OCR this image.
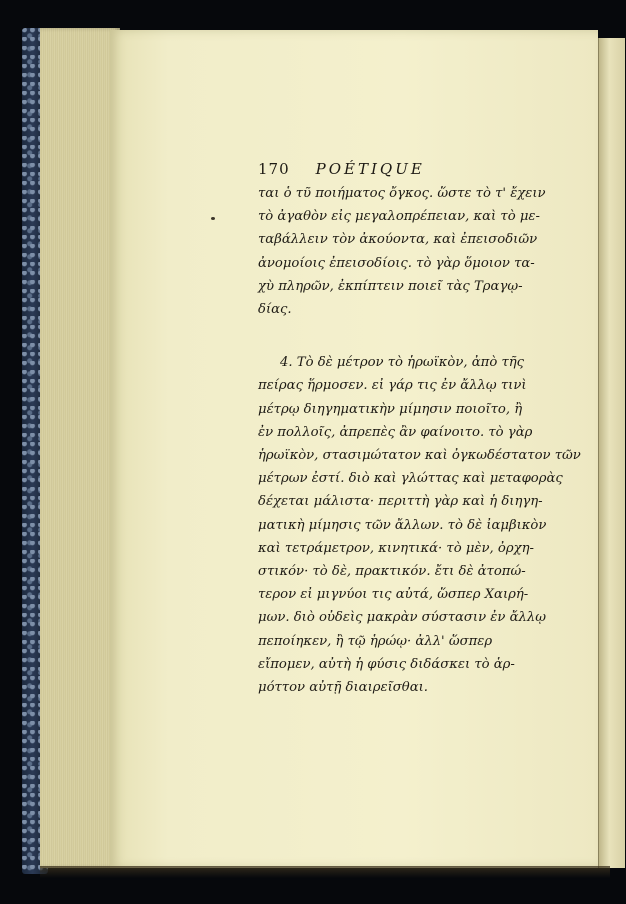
170 POÉTIQUE

ται ὁ τῦ ποιήματος ὄγκος. ὥστε τὸ τ' ἔχειν

τὸ ἀγαθὸν εἰς μεγαλοπρέπειαν, καὶ τὸ με-

ταβάλλειν τὸν ἀκούοντα, καὶ ἐπεισοδιῶν

ἀνομοίοις ἐπεισοδίοις. τὸ γὰρ ὅμοιον τα-

χὺ πληρῶν, ἐκπίπτειν ποιεῖ τὰς Τραγῳ-

δίας.

4. Τὸ δὲ μέτρον τὸ ἡρωϊκὸν, ἀπὸ τῆς

πείρας ἥρμοσεν. εἰ γάρ τις ἐν ἄλλῳ τινὶ

μέτρῳ διηγηματικὴν μίμησιν ποιοῖτο, ἢ

ἐν πολλοῖς, ἀπρεπὲς ἂν φαίνοιτο. τὸ γὰρ

ἡρωϊκὸν, στασιμώτατον καὶ ὀγκωδέστατον τῶν

μέτρων ἐστί. διὸ καὶ γλώττας καὶ μεταφορὰς

δέχεται μάλιστα· περιττὴ γὰρ καὶ ἡ διηγη-

ματικὴ μίμησις τῶν ἄλλων. τὸ δὲ ἰαμβικὸν

καὶ τετράμετρον, κινητικά· τὸ μὲν, ὀρχη-

στικόν· τὸ δὲ, πρακτικόν. ἔτι δὲ ἀτοπώ-

τερον εἰ μιγνύοι τις αὐτά, ὥσπερ Χαιρή-

μων. διὸ οὐδεὶς μακρὰν σύστασιν ἐν ἄλλῳ

πεποίηκεν, ἢ τῷ ἡρώῳ· ἀλλ' ὥσπερ

εἴπομεν, αὐτὴ ἡ φύσις διδάσκει τὸ ἁρ-

μόττον αὐτῇ διαιρεῖσθαι.
